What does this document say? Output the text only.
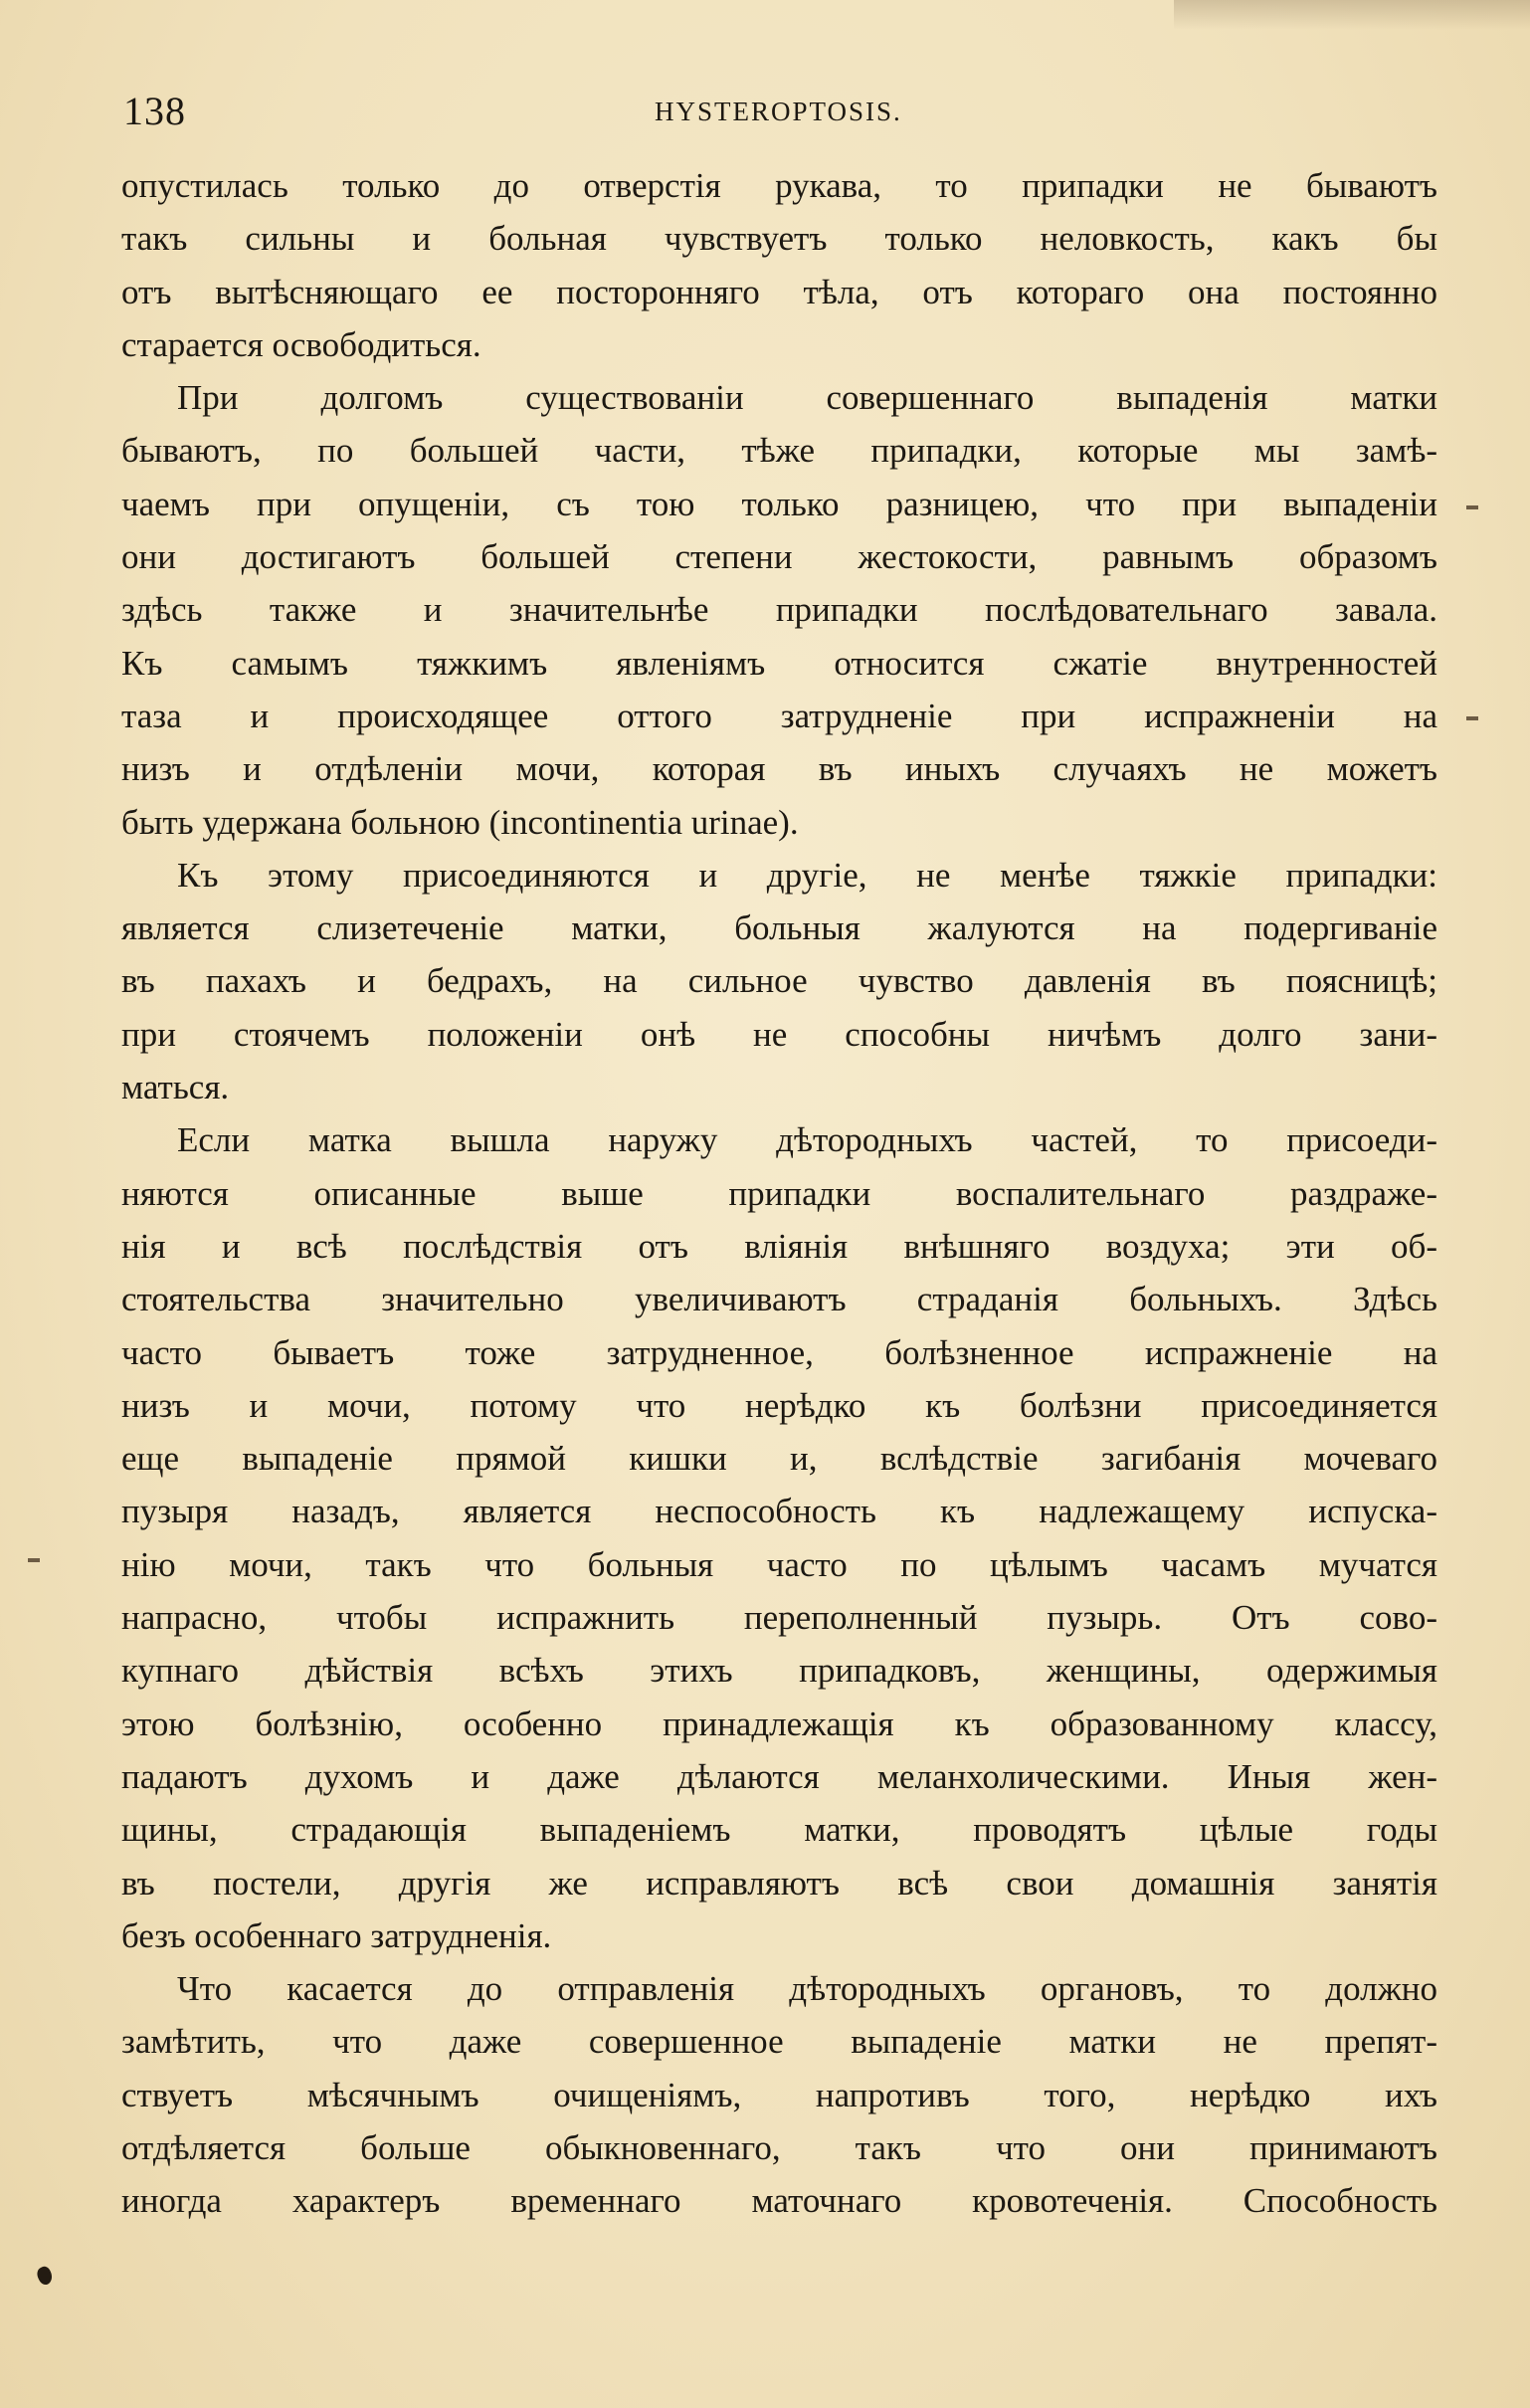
138	HYSTEROPTOSIS.
опустилась только до отверстія рукава, то припадки не бываютъ
такъ сильны и больная чувствуетъ только неловкость, какъ бы
отъ вытѣсняющаго ее посторонняго тѣла, отъ котораго она постоянно
старается освободиться.
При долгомъ существованіи совершеннаго выпаденія матки
бываютъ, по большей части, тѣже припадки, которые мы замѣ-
чаемъ при опущеніи, съ тою только разницею, что при выпаденіи
они достигаютъ большей степени жестокости, равнымъ образомъ
здѣсь также и значительнѣе припадки послѣдовательнаго завала.
Къ самымъ тяжкимъ явленіямъ относится сжатіе внутренностей
таза и происходящее оттого затрудненіе при испражненіи на
низъ и отдѣленіи мочи, которая въ иныхъ случаяхъ не можетъ
быть удержана больною (incontinentia urinae).
Къ этому присоединяются и другіе, не менѣе тяжкіе припадки:
является слизетеченіе матки, больныя жалуются на подергиваніе
въ пахахъ и бедрахъ, на сильное чувство давленія въ поясницѣ;
при стоячемъ положеніи онѣ не способны ничѣмъ долго зани-
маться.
Если матка вышла наружу дѣтородныхъ частей, то присоеди-
няются описанные выше припадки воспалительнаго раздраже-
нія и всѣ послѣдствія отъ вліянія внѣшняго воздуха; эти об-
стоятельства значительно увеличиваютъ страданія больныхъ. Здѣсь
часто бываетъ тоже затрудненное, болѣзненное испражненіе на
низъ и мочи, потому что нерѣдко къ болѣзни присоединяется
еще выпаденіе прямой кишки и, вслѣдствіе загибанія мочеваго
пузыря назадъ, является неспособность къ надлежащему испуска-
нію мочи, такъ что больныя часто по цѣлымъ часамъ мучатся
напрасно, чтобы испражнить переполненный пузырь. Отъ сово-
купнаго дѣйствія всѣхъ этихъ припадковъ, женщины, одержимыя
этою болѣзнію, особенно принадлежащія къ образованному классу,
падаютъ духомъ и даже дѣлаются меланхолическими. Иныя жен-
щины, страдающія выпаденіемъ матки, проводятъ цѣлые годы
въ постели, другія же исправляютъ всѣ свои домашнія занятія
безъ особеннаго затрудненія.
Что касается до отправленія дѣтородныхъ органовъ, то должно
замѣтить, что даже совершенное выпаденіе матки не препят-
ствуетъ мѣсячнымъ очищеніямъ, напротивъ того, нерѣдко ихъ
отдѣляется больше обыкновеннаго, такъ что они принимаютъ
иногда характеръ временнаго маточнаго кровотеченія. Способность
